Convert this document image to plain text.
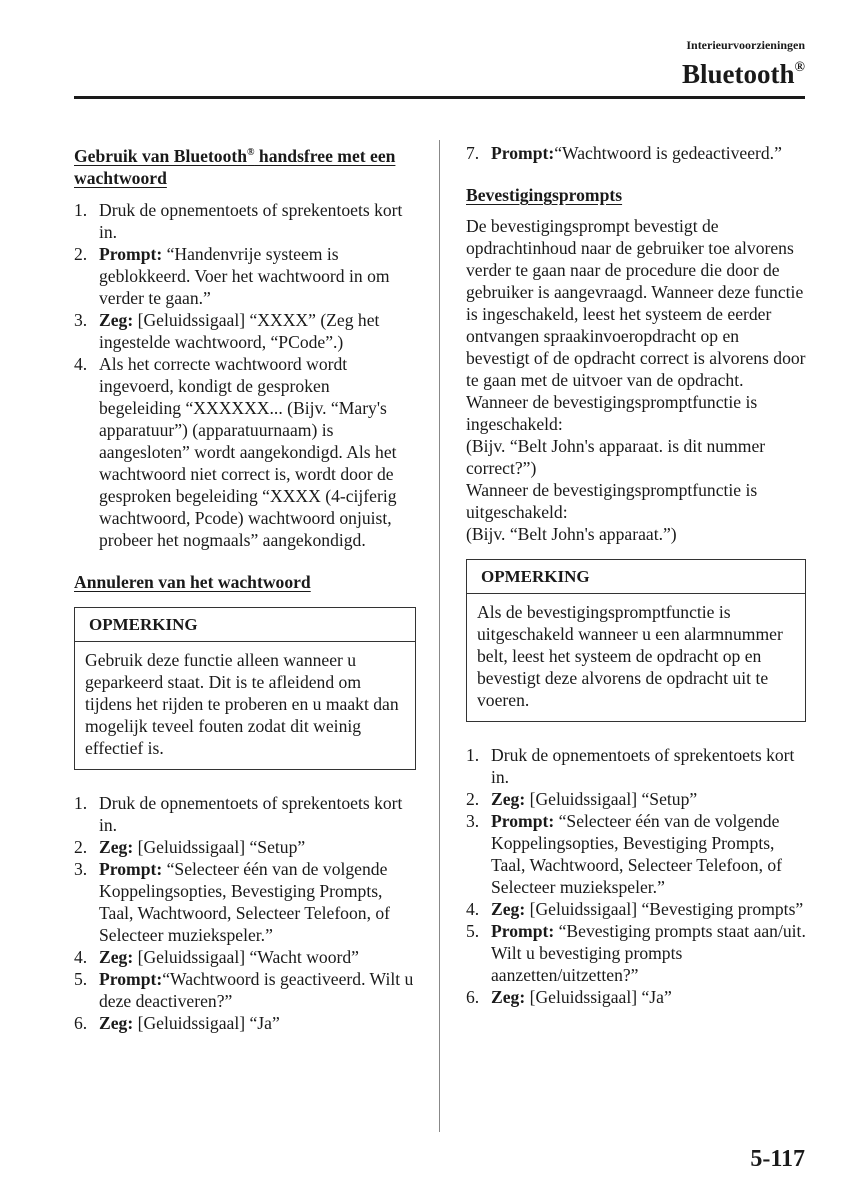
Interieurvoorzieningen
Bluetooth®
Gebruik van Bluetooth® handsfree met een wachtwoord
1. Druk de opnementoets of sprekentoets kort in.
2. Prompt: “Handenvrije systeem is geblokkeerd. Voer het wachtwoord in om verder te gaan.”
3. Zeg: [Geluidssigaal] “XXXX” (Zeg het ingestelde wachtwoord, “PCode”.)
4. Als het correcte wachtwoord wordt ingevoerd, kondigt de gesproken begeleiding “XXXXXX... (Bijv. “Mary's apparatuur”) (apparatuurnaam) is aangesloten” wordt aangekondigd. Als het wachtwoord niet correct is, wordt door de gesproken begeleiding “XXXX (4-cijferig wachtwoord, Pcode) wachtwoord onjuist, probeer het nogmaals” aangekondigd.
Annuleren van het wachtwoord
OPMERKING
Gebruik deze functie alleen wanneer u geparkeerd staat. Dit is te afleidend om tijdens het rijden te proberen en u maakt dan mogelijk teveel fouten zodat dit weinig effectief is.
1. Druk de opnementoets of sprekentoets kort in.
2. Zeg: [Geluidssigaal] “Setup”
3. Prompt: “Selecteer één van de volgende Koppelingsopties, Bevestiging Prompts, Taal, Wachtwoord, Selecteer Telefoon, of Selecteer muziekspeler.”
4. Zeg: [Geluidssigaal] “Wacht woord”
5. Prompt:“Wachtwoord is geactiveerd. Wilt u deze deactiveren?”
6. Zeg: [Geluidssigaal] “Ja”
7. Prompt:“Wachtwoord is gedeactiveerd.”
Bevestigingsprompts
De bevestigingsprompt bevestigt de opdrachtinhoud naar de gebruiker toe alvorens verder te gaan naar de procedure die door de gebruiker is aangevraagd. Wanneer deze functie is ingeschakeld, leest het systeem de eerder ontvangen spraakinvoeropdracht op en bevestigt of de opdracht correct is alvorens door te gaan met de uitvoer van de opdracht.
Wanneer de bevestigingspromptfunctie is ingeschakeld:
(Bijv. “Belt John's apparaat. is dit nummer correct?”)
Wanneer de bevestigingspromptfunctie is uitgeschakeld:
(Bijv. “Belt John's apparaat.”)
OPMERKING
Als de bevestigingspromptfunctie is uitgeschakeld wanneer u een alarmnummer belt, leest het systeem de opdracht op en bevestigt deze alvorens de opdracht uit te voeren.
1. Druk de opnementoets of sprekentoets kort in.
2. Zeg: [Geluidssigaal] “Setup”
3. Prompt: “Selecteer één van de volgende Koppelingsopties, Bevestiging Prompts, Taal, Wachtwoord, Selecteer Telefoon, of Selecteer muziekspeler.”
4. Zeg: [Geluidssigaal] “Bevestiging prompts”
5. Prompt: “Bevestiging prompts staat aan/uit. Wilt u bevestiging prompts aanzetten/uitzetten?”
6. Zeg: [Geluidssigaal] “Ja”
5-117
